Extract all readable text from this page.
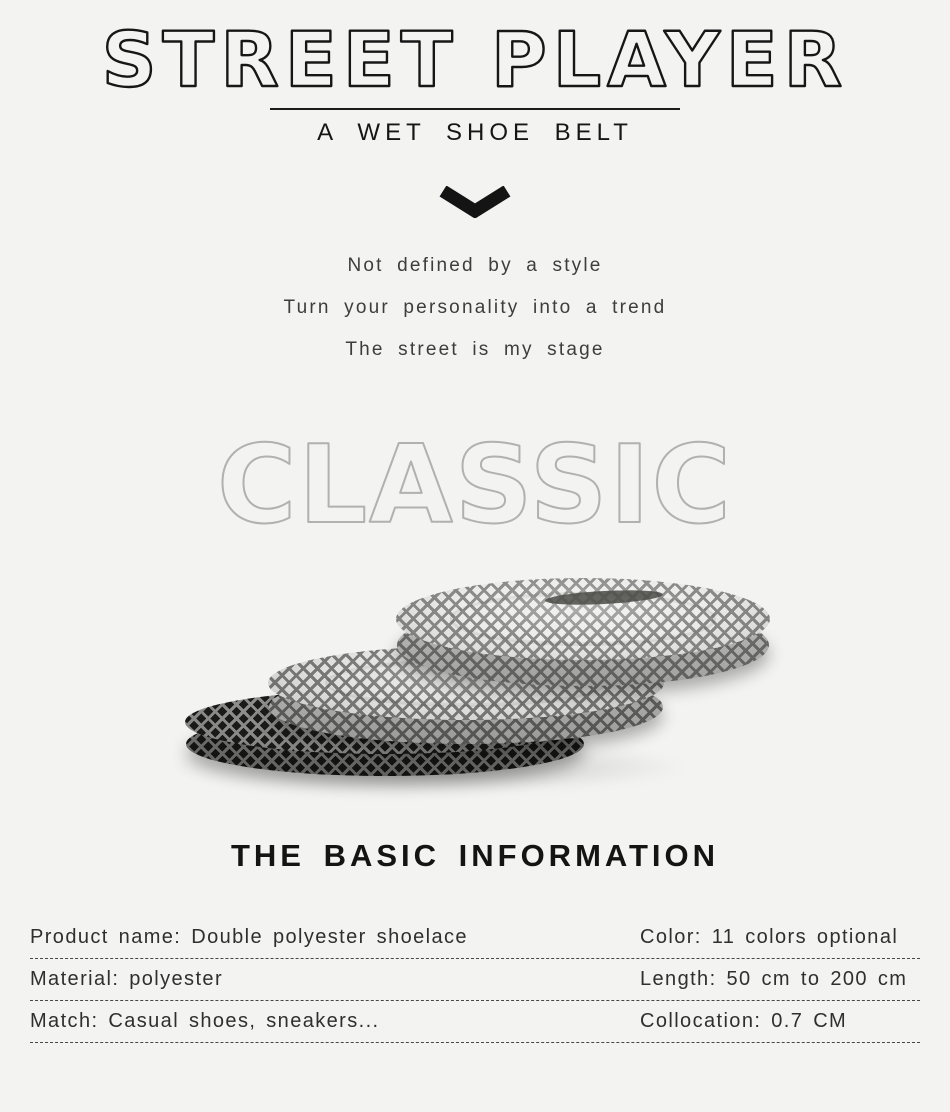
STREET PLAYER
A WET SHOE BELT
Not defined by a style
Turn your personality into a trend
The street is my stage
CLASSIC
THE BASIC INFORMATION
Product name: Double polyester shoelace	Color: 11 colors optional
Material: polyester	Length: 50 cm to 200 cm
Match: Casual shoes, sneakers...	Collocation: 0.7 CM
